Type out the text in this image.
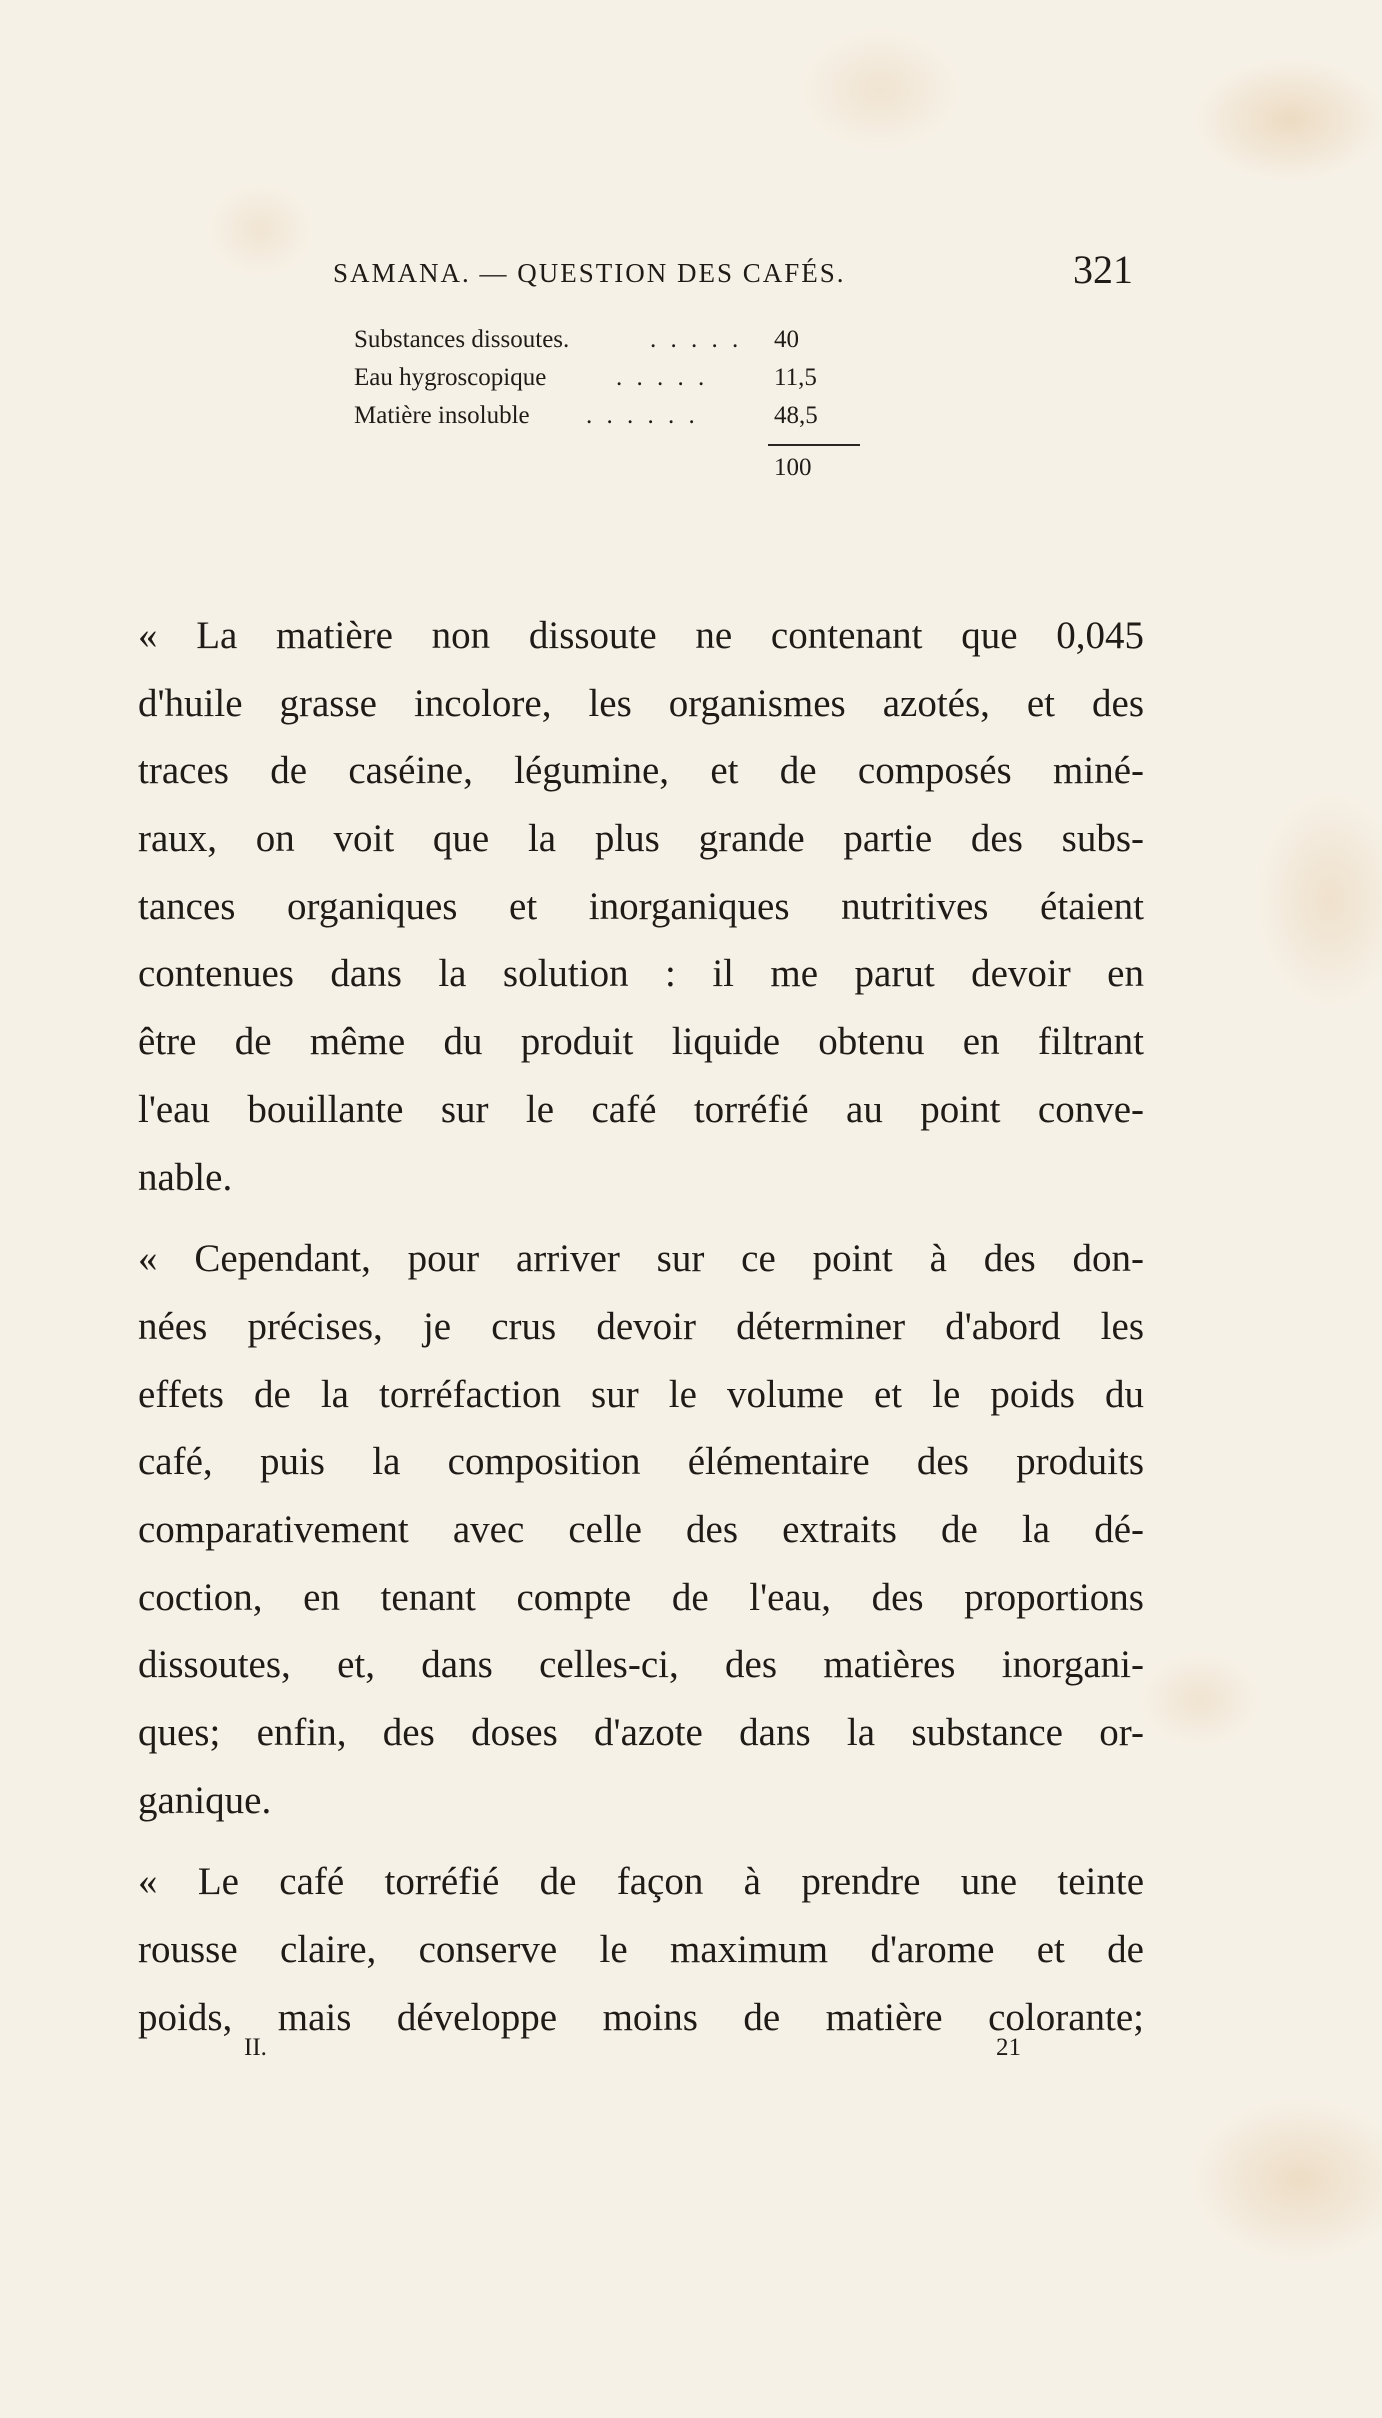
SAMANA. — QUESTION DES CAFÉS.	321
Substances dissoutes.	. . . . . 40
Eau hygroscopique	. . . . .	11,5
Matière insoluble . . . . . .	48,5
100
« La matière non dissoute ne contenant que 0,045
d'huile grasse incolore, les organismes azotés, et des
traces de caséine, légumine, et de composés miné-
raux, on voit que la plus grande partie des subs-
tances organiques et inorganiques nutritives étaient
contenues dans la solution : il me parut devoir en
être de même du produit liquide obtenu en filtrant
l'eau bouillante sur le café torréfié au point conve-
nable.
« Cependant, pour arriver sur ce point à des don-
nées précises, je crus devoir déterminer d'abord les
effets de la torréfaction sur le volume et le poids du
café, puis la composition élémentaire des produits
comparativement avec celle des extraits de la dé-
coction, en tenant compte de l'eau, des proportions
dissoutes, et, dans celles-ci, des matières inorgani-
ques; enfin, des doses d'azote dans la substance or-
ganique.
« Le café torréfié de façon à prendre une teinte
rousse claire, conserve le maximum d'arome et de
poids, mais développe moins de matière colorante;
II.	21
